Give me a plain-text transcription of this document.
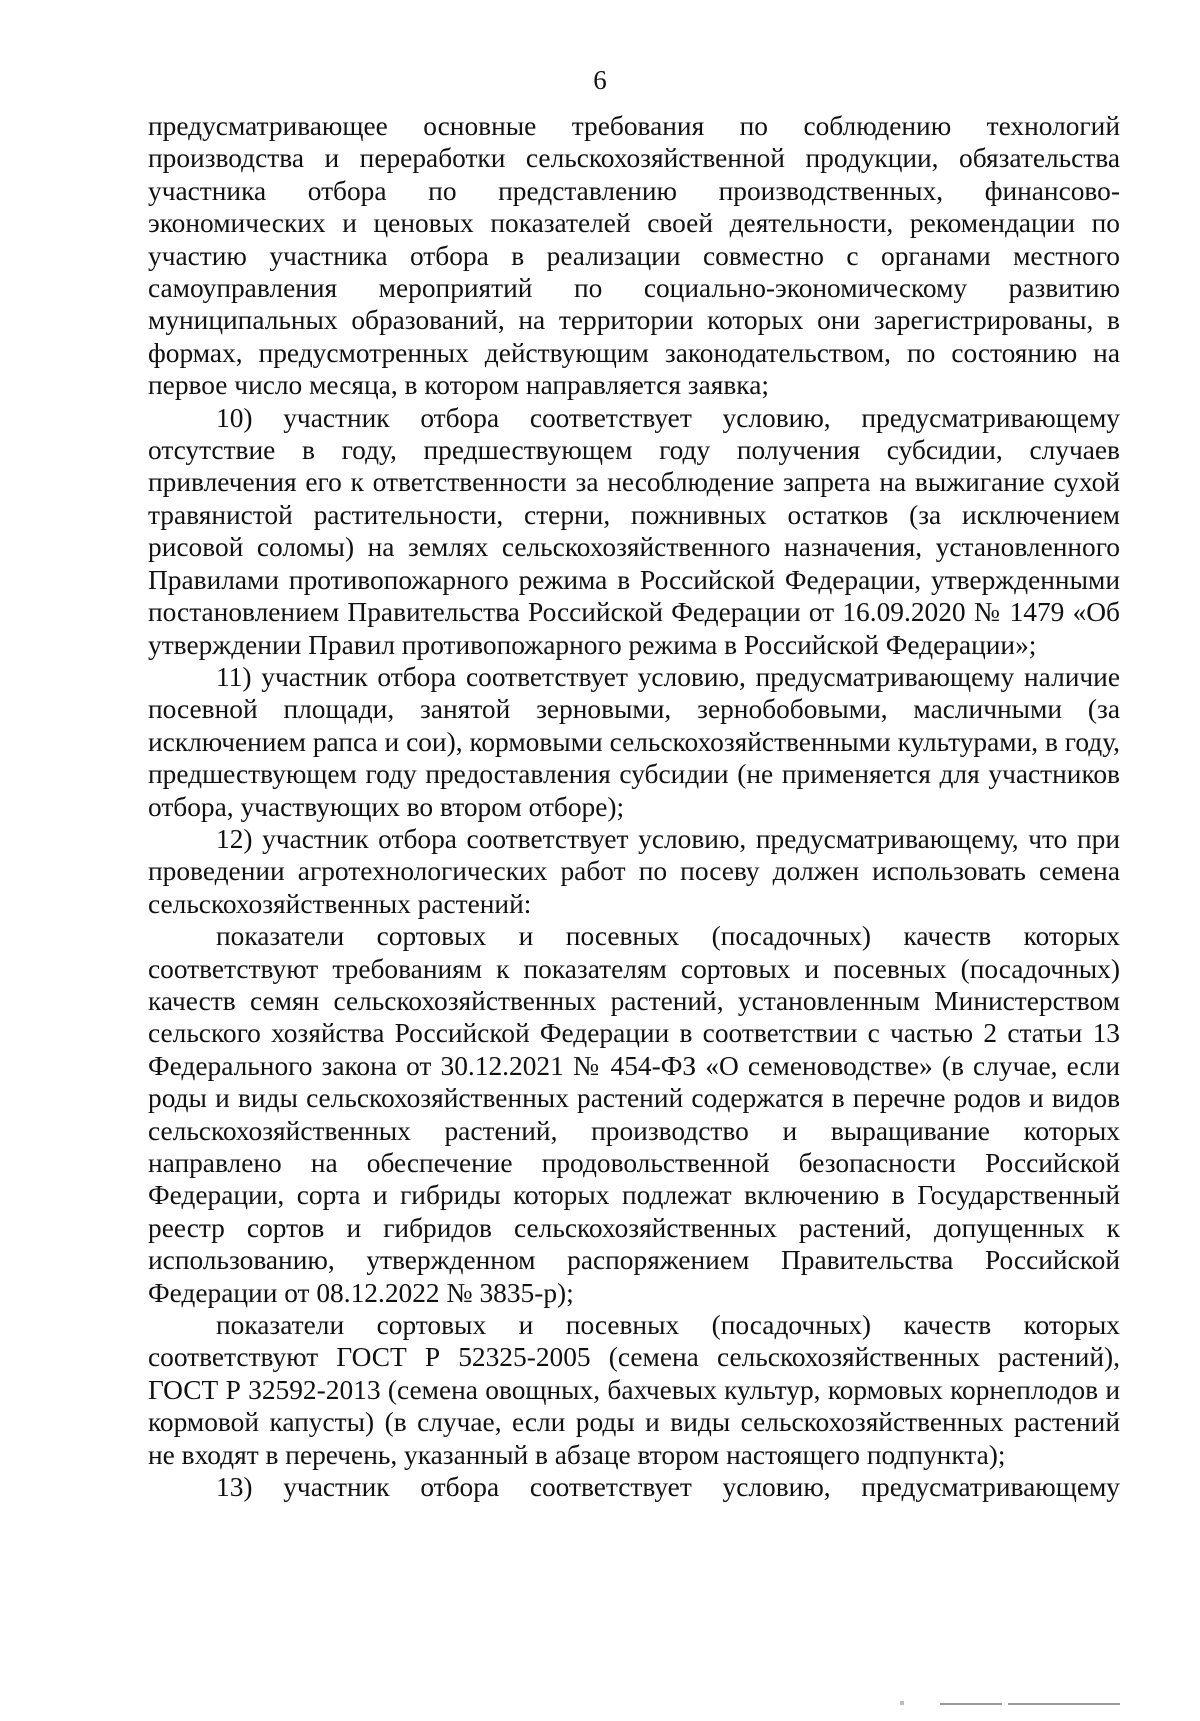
6

предусматривающее основные требования по соблюдению технологий производства и переработки сельскохозяйственной продукции, обязательства участника отбора по представлению производственных, финансово-экономических и ценовых показателей своей деятельности, рекомендации по участию участника отбора в реализации совместно с органами местного самоуправления мероприятий по социально-экономическому развитию муниципальных образований, на территории которых они зарегистрированы, в формах, предусмотренных действующим законодательством, по состоянию на первое число месяца, в котором направляется заявка;

10) участник отбора соответствует условию, предусматривающему отсутствие в году, предшествующем году получения субсидии, случаев привлечения его к ответственности за несоблюдение запрета на выжигание сухой травянистой растительности, стерни, пожнивных остатков (за исключением рисовой соломы) на землях сельскохозяйственного назначения, установленного Правилами противопожарного режима в Российской Федерации, утвержденными постановлением Правительства Российской Федерации от 16.09.2020 № 1479 «Об утверждении Правил противопожарного режима в Российской Федерации»;

11) участник отбора соответствует условию, предусматривающему наличие посевной площади, занятой зерновыми, зернобобовыми, масличными (за исключением рапса и сои), кормовыми сельскохозяйственными культурами, в году, предшествующем году предоставления субсидии (не применяется для участников отбора, участвующих во втором отборе);

12) участник отбора соответствует условию, предусматривающему, что при проведении агротехнологических работ по посеву должен использовать семена сельскохозяйственных растений:

показатели сортовых и посевных (посадочных) качеств которых соответствуют требованиям к показателям сортовых и посевных (посадочных) качеств семян сельскохозяйственных растений, установленным Министерством сельского хозяйства Российской Федерации в соответствии с частью 2 статьи 13 Федерального закона от 30.12.2021 № 454-ФЗ «О семеноводстве» (в случае, если роды и виды сельскохозяйственных растений содержатся в перечне родов и видов сельскохозяйственных растений, производство и выращивание которых направлено на обеспечение продовольственной безопасности Российской Федерации, сорта и гибриды которых подлежат включению в Государственный реестр сортов и гибридов сельскохозяйственных растений, допущенных к использованию, утвержденном распоряжением Правительства Российской Федерации от 08.12.2022 № 3835-р);

показатели сортовых и посевных (посадочных) качеств которых соответствуют ГОСТ Р 52325-2005 (семена сельскохозяйственных растений), ГОСТ Р 32592-2013 (семена овощных, бахчевых культур, кормовых корнеплодов и кормовой капусты) (в случае, если роды и виды сельскохозяйственных растений не входят в перечень, указанный в абзаце втором настоящего подпункта);

13) участник отбора соответствует условию, предусматривающему
